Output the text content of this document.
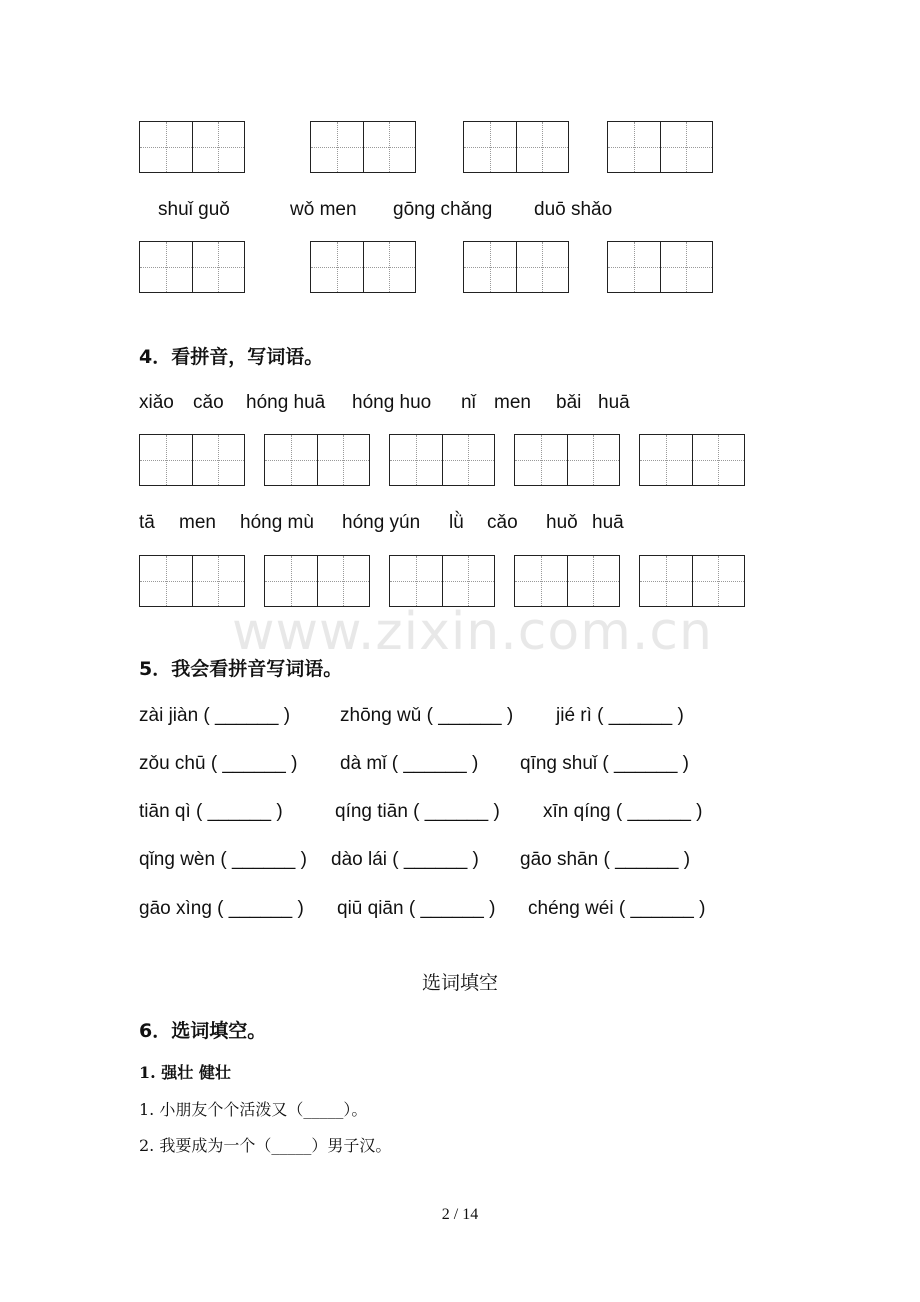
shuǐ guǒ	wǒ men gōng chǎng duō shǎo
4．看拼音，写词语。
xiǎo cǎo hóng huā hóng huo nǐ men bǎi huā
tā men hóng mù hóng yún lǜ cǎo huǒ huā
www.zixin.com.cn
5．我会看拼音写词语。
zài jiàn ( ______ )	zhōng wǔ ( ______ ) jié rì ( ______ )
zǒu chū ( ______ ) dà mǐ ( ______ ) qīng shuǐ ( ______ )
tiān qì ( ______ )	qíng tiān ( ______ ) xīn qíng ( ______ )
qǐng wèn ( ______ ) dào lái ( ______ ) gāo shān ( ______ )
gāo xìng ( ______ ) qiū qiān ( ______ ) chéng wéi ( ______ )
选词填空
6．选词填空。
1. 强壮 健壮
1. 小朋友个个活泼又（_____）。
2. 我要成为一个（_____）男子汉。
2 / 14
